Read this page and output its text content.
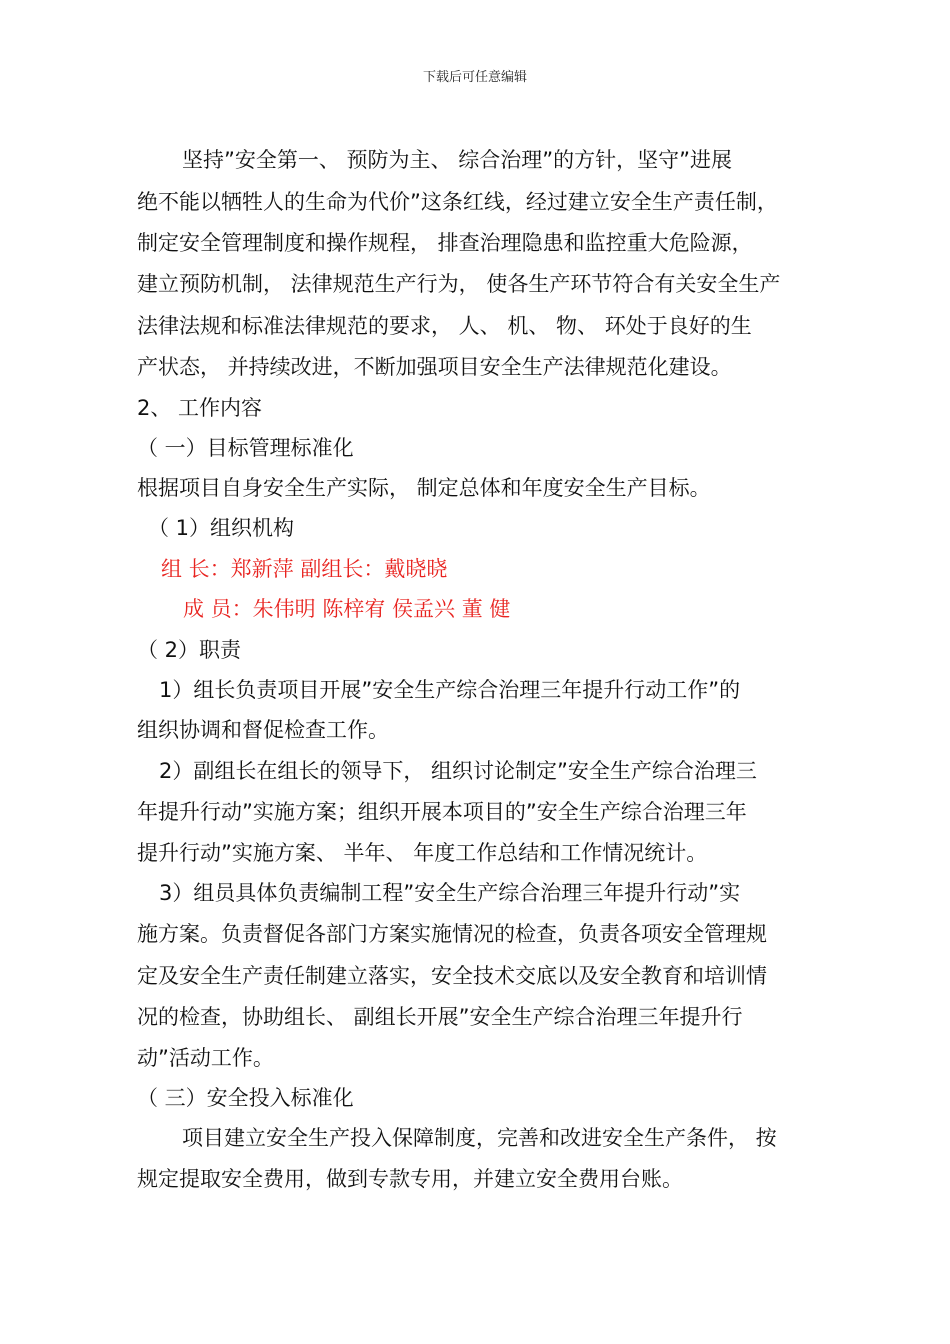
下载后可任意编辑
坚持”安全第一、 预防为主、 综合治理”的方针，坚守”进展
绝不能以牺牲人的生命为代价”这条红线，经过建立安全生产责任制，
制定安全管理制度和操作规程， 排查治理隐患和监控重大危险源，
建立预防机制， 法律规范生产行为， 使各生产环节符合有关安全生产
法律法规和标准法律规范的要求， 人、 机、 物、 环处于良好的生
产状态， 并持续改进，不断加强项目安全生产法律规范化建设。
2、 工作内容
（ 一）目标管理标准化
根据项目自身安全生产实际， 制定总体和年度安全生产目标。
（ 1）组织机构
组 长：郑新萍 副组长：戴晓晓
成 员：朱伟明 陈梓宥 侯孟兴 董 健
（ 2）职责
1）组长负责项目开展”安全生产综合治理三年提升行动工作”的
组织协调和督促检查工作。
2）副组长在组长的领导下， 组织讨论制定”安全生产综合治理三
年提升行动”实施方案；组织开展本项目的”安全生产综合治理三年
提升行动”实施方案、 半年、 年度工作总结和工作情况统计。
3）组员具体负责编制工程”安全生产综合治理三年提升行动”实
施方案。负责督促各部门方案实施情况的检查，负责各项安全管理规
定及安全生产责任制建立落实，安全技术交底以及安全教育和培训情
况的检查，协助组长、 副组长开展”安全生产综合治理三年提升行
动”活动工作。
（ 三）安全投入标准化
项目建立安全生产投入保障制度，完善和改进安全生产条件， 按
规定提取安全费用，做到专款专用，并建立安全费用台账。
